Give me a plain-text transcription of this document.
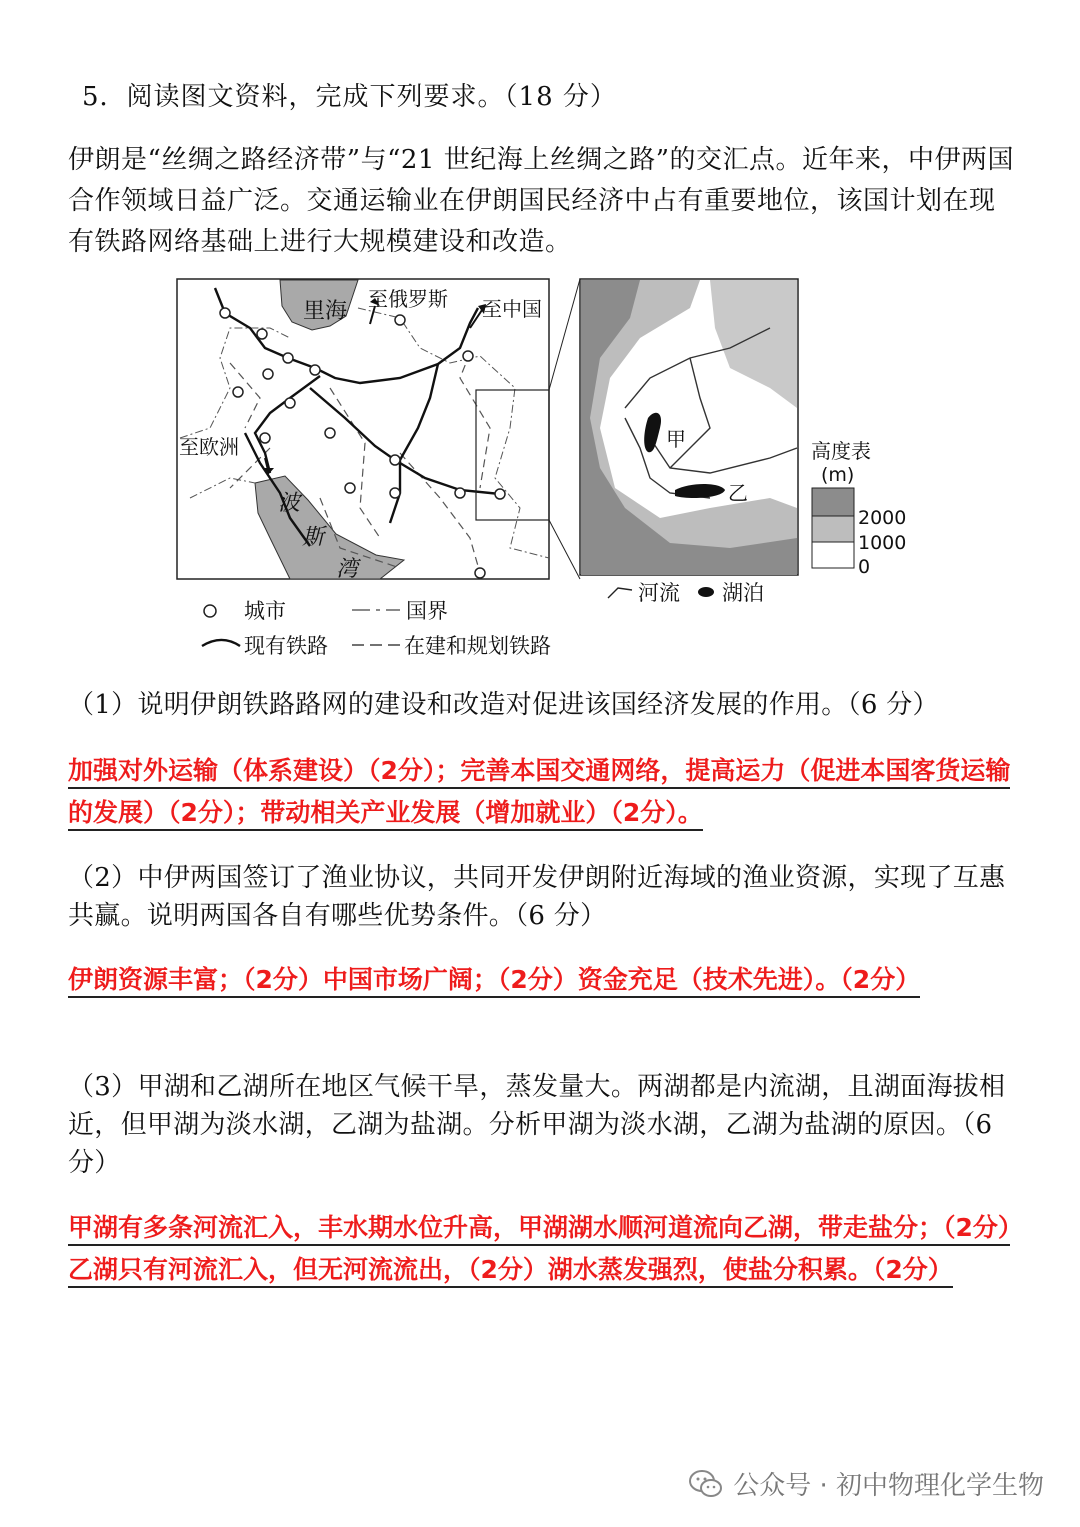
5．阅读图文资料，完成下列要求。（18 分）
伊朗是“丝绸之路经济带”与“21 世纪海上丝绸之路”的交汇点。近年来，中伊两国合作领域日益广泛。交通运输业在伊朗国民经济中占有重要地位，该国计划在现有铁路网络基础上进行大规模建设和改造。
里海 至俄罗斯 至中国
至欧洲
波
斯
湾
甲
乙
高度表
(m)
2000
1000
0
河流 湖泊
城市	国界
现有铁路	在建和规划铁路
（1）说明伊朗铁路路网的建设和改造对促进该国经济发展的作用。（6 分）
加强对外运输（体系建设）（2分）；完善本国交通网络，提高运力（促进本国客货运输的发展）（2分）；带动相关产业发展（增加就业）（2分）。
（2）中伊两国签订了渔业协议，共同开发伊朗附近海域的渔业资源，实现了互惠共赢。说明两国各自有哪些优势条件。（6 分）
伊朗资源丰富；（2分）中国市场广阔；（2分）资金充足（技术先进）。（2分）
（3）甲湖和乙湖所在地区气候干旱，蒸发量大。两湖都是内流湖，且湖面海拔相近，但甲湖为淡水湖，乙湖为盐湖。分析甲湖为淡水湖，乙湖为盐湖的原因。（6 分）
甲湖有多条河流汇入，丰水期水位升高，甲湖湖水顺河道流向乙湖，带走盐分；（2分）乙湖只有河流汇入，但无河流流出，（2分）湖水蒸发强烈，使盐分积累。（2分）
公众号 · 初中物理化学生物
